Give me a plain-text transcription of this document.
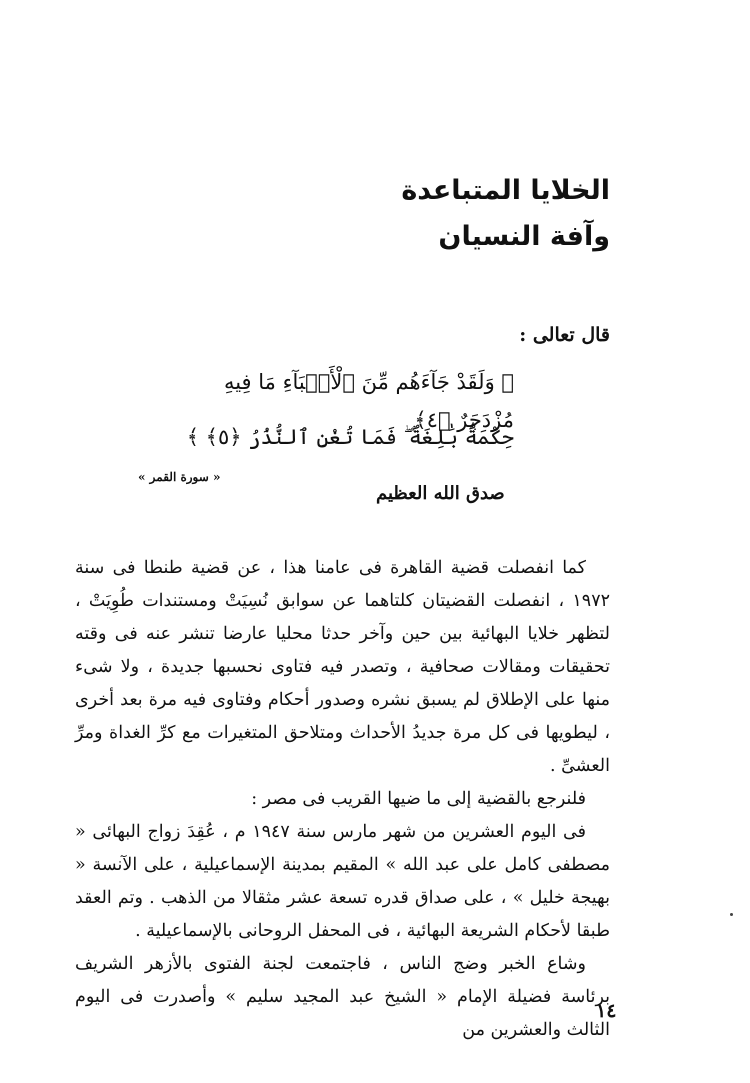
الخلايا المتباعدة
وآفة النسيان

قال تعالى :

﴿ وَلَقَدْ جَآءَهُم مِّنَ ٱلْأَنۢبَآءِ مَا فِيهِ مُزْدَجَرٌ ﴿٤﴾

حِكْمَةٌۢ بَٰلِغَةٌ ۖ فَمَا تُغْنِ ٱلنُّذُرُ ﴿٥﴾ ﴾

« سورة القمر »

صدق الله العظيم

كما انفصلت قضية القاهرة فى عامنا هذا ، عن قضية طنطا فى سنة ١٩٧٢ ، انفصلت القضيتان كلتاهما عن سوابق نُسِيَتْ ومستندات طُوِيَتْ ، لتظهر خلايا البهائية بين حين وآخر حدثا محليا عارضا تنشر عنه فى وقته تحقيقات ومقالات صحافية ، وتصدر فيه فتاوى نحسبها جديدة ، ولا شىء منها على الإطلاق لم يسبق نشره وصدور أحكام وفتاوى فيه مرة بعد أخرى ، ليطويها فى كل مرة جديدُ الأحداث ومتلاحق المتغيرات مع كرِّ الغداة ومرِّ العشىِّ .

فلنرجع بالقضية إلى ما ضيها القريب فى مصر :

فى اليوم العشرين من شهر مارس سنة ١٩٤٧ م ، عُقِدَ زواج البهائى « مصطفى كامل على عبد الله » المقيم بمدينة الإسماعيلية ، على الآنسة « بهيجة خليل » ، على صداق قدره تسعة عشر مثقالا من الذهب . وتم العقد طبقا لأحكام الشريعة البهائية ، فى المحفل الروحانى بالإسماعيلية .

وشاع الخبر وضج الناس ، فاجتمعت لجنة الفتوى بالأزهر الشريف برئاسة فضيلة الإمام « الشيخ عبد المجيد سليم » وأصدرت فى اليوم الثالث والعشرين من

١٤
